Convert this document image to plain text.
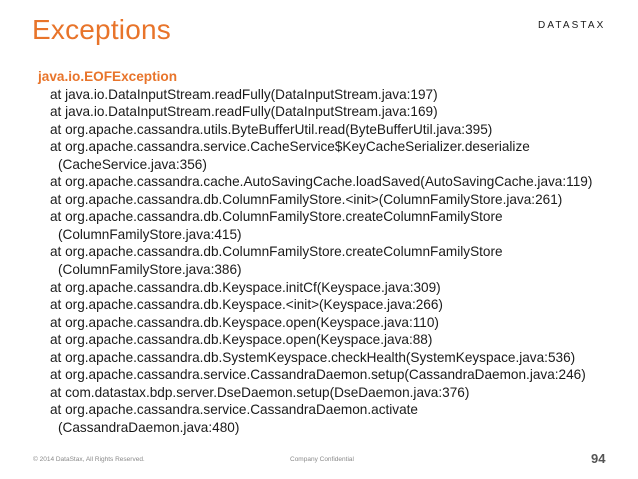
Exceptions	DATASTAX
java.io.EOFException
at java.io.DataInputStream.readFully(DataInputStream.java:197)
at java.io.DataInputStream.readFully(DataInputStream.java:169)
at org.apache.cassandra.utils.ByteBufferUtil.read(ByteBufferUtil.java:395)
at org.apache.cassandra.service.CacheService$KeyCacheSerializer.deserialize
(CacheService.java:356)
at org.apache.cassandra.cache.AutoSavingCache.loadSaved(AutoSavingCache.java:119)
at org.apache.cassandra.db.ColumnFamilyStore.<init>(ColumnFamilyStore.java:261)
at org.apache.cassandra.db.ColumnFamilyStore.createColumnFamilyStore
(ColumnFamilyStore.java:415)
at org.apache.cassandra.db.ColumnFamilyStore.createColumnFamilyStore
(ColumnFamilyStore.java:386)
at org.apache.cassandra.db.Keyspace.initCf(Keyspace.java:309)
at org.apache.cassandra.db.Keyspace.<init>(Keyspace.java:266)
at org.apache.cassandra.db.Keyspace.open(Keyspace.java:110)
at org.apache.cassandra.db.Keyspace.open(Keyspace.java:88)
at org.apache.cassandra.db.SystemKeyspace.checkHealth(SystemKeyspace.java:536)
at org.apache.cassandra.service.CassandraDaemon.setup(CassandraDaemon.java:246)
at com.datastax.bdp.server.DseDaemon.setup(DseDaemon.java:376)
at org.apache.cassandra.service.CassandraDaemon.activate
(CassandraDaemon.java:480)
© 2014 DataStax, All Rights Reserved.	Company Confidential	94
